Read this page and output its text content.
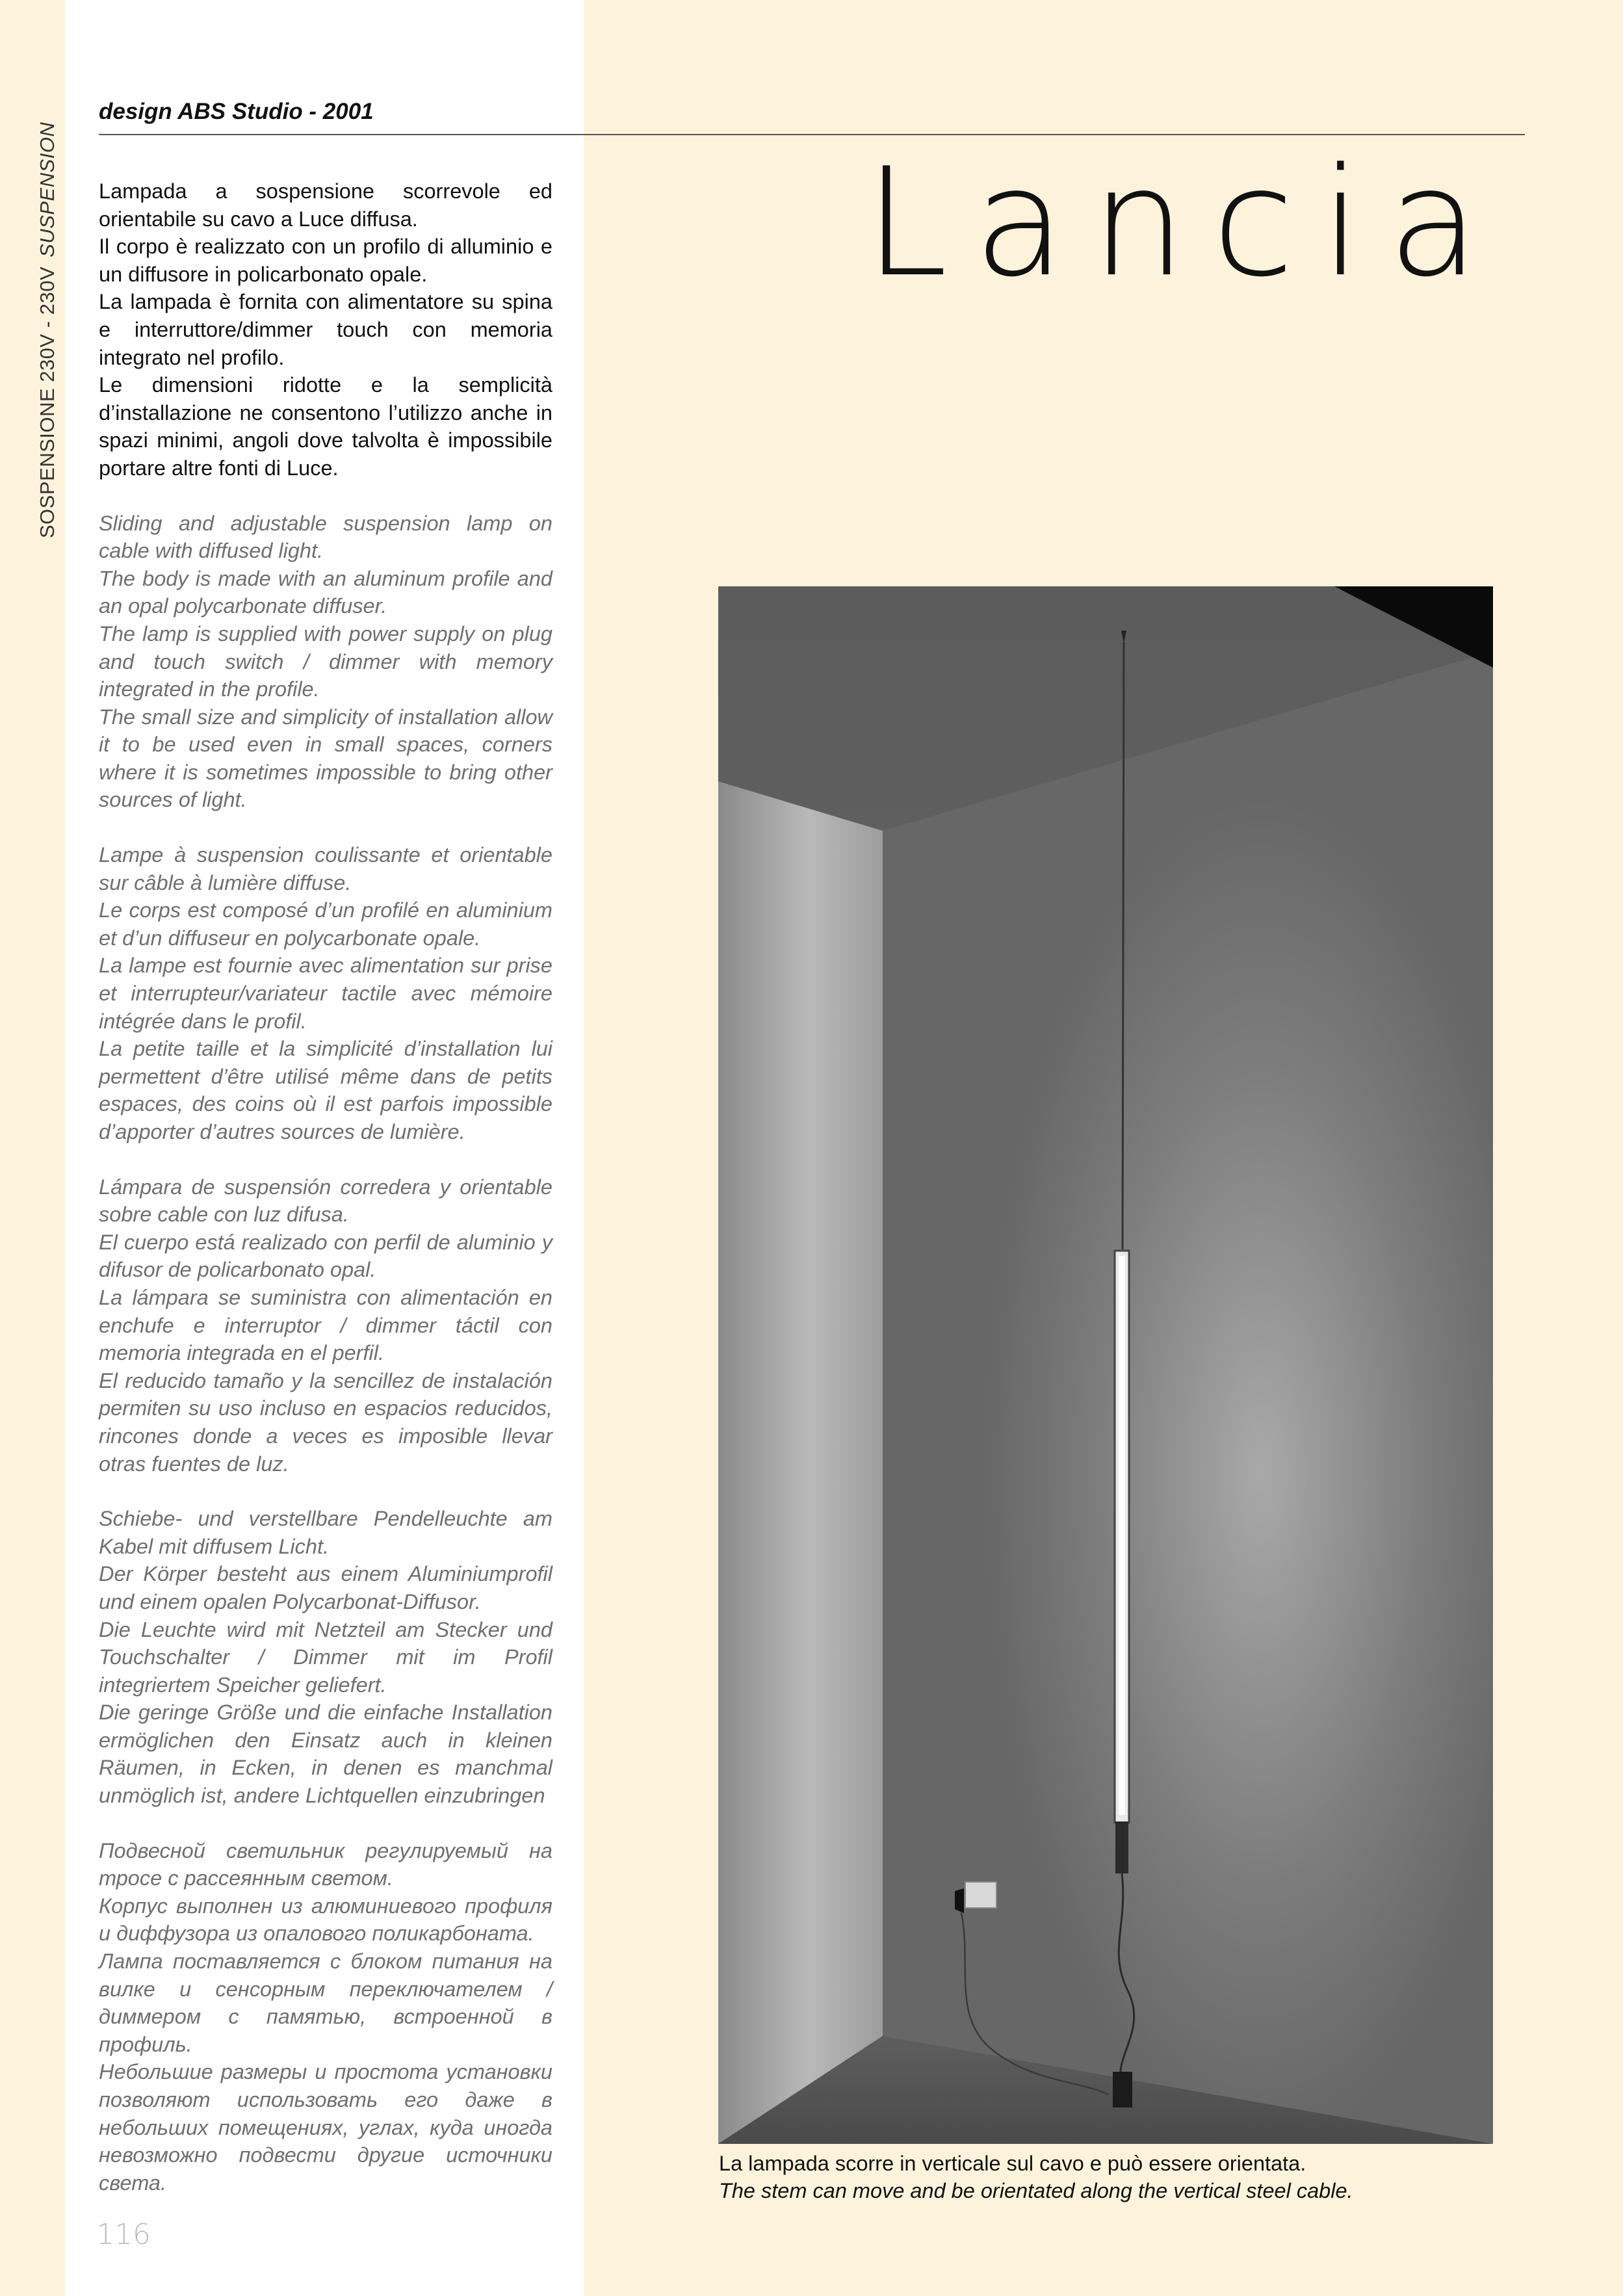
SOSPENSIONE 230V - 230VSUSPENSION
design ABS Studio - 2001
Lancia

Lampada a sospensione scorrevole ed orientabile su cavo a Luce diffusa.

Il corpo è realizzato con un profilo di alluminio e un diffusore in policarbonato opale.

La lampada è fornita con alimentatore su spina e interruttore/dimmer touch con memoria integrato nel profilo.

Le dimensioni ridotte e la semplicità d’installazione ne consentono l’utilizzo anche in spazi minimi, angoli dove talvolta è impossibile portare altre fonti di Luce.

Sliding and adjustable suspension lamp on cable with diffused light.

The body is made with an aluminum profile and an opal polycarbonate diffuser.

The lamp is supplied with power supply on plug and touch switch / dimmer with memory integrated in the profile.

The small size and simplicity of installation allow it to be used even in small spaces, corners where it is sometimes impossible to bring other sources of light.

Lampe à suspension coulissante et orientable sur câble à lumière diffuse.

Le corps est composé d’un profilé en aluminium et d’un diffuseur en polycarbonate opale.

La lampe est fournie avec alimentation sur prise et interrupteur/variateur tactile avec mémoire intégrée dans le profil.

La petite taille et la simplicité d’installation lui permettent d’être utilisé même dans de petits espaces, des coins où il est parfois impossible d’apporter d’autres sources de lumière.

Lámpara de suspensión corredera y orientable sobre cable con luz difusa.

El cuerpo está realizado con perfil de aluminio y difusor de policarbonato opal.

La lámpara se suministra con alimentación en enchufe e interruptor / dimmer táctil con memoria integrada en el perfil.

El reducido tamaño y la sencillez de instalación permiten su uso incluso en espacios reducidos, rincones donde a veces es imposible llevar otras fuentes de luz.

Schiebe- und verstellbare Pendelleuchte am Kabel mit diffusem Licht.

Der Körper besteht aus einem Aluminiumprofil und einem opalen Polycarbonat-Diffusor.

Die Leuchte wird mit Netzteil am Stecker und Touchschalter / Dimmer mit im Profil integriertem Speicher geliefert.

Die geringe Größe und die einfache Installation ermöglichen den Einsatz auch in kleinen Räumen, in Ecken, in denen es manchmal unmöglich ist, andere Lichtquellen einzubringen

Подвесной светильник регулируемый на тросе с рассеянным светом.

Корпус выполнен из алюминиевого профиля и диффузора из опалового поликарбоната.

Лампа поставляется с блоком питания на вилке и сенсорным переключателем / диммером с памятью, встроенной в профиль.

Небольшие размеры и простота установки позволяют использовать его даже в небольших помещениях, углах, куда иногда невозможно подвести другие источники света.

116
La lampada scorre in verticale sul cavo e può essere orientata.
The stem can move and be orientated along the vertical steel cable.
